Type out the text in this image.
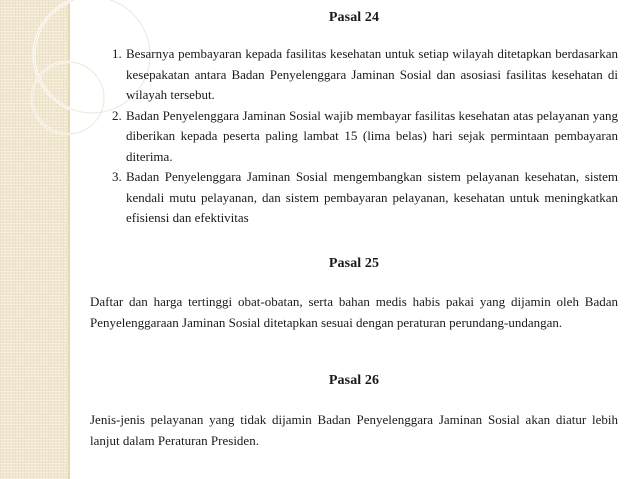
Pasal 24
1. Besarnya pembayaran kepada fasilitas kesehatan untuk setiap wilayah ditetapkan berdasarkan kesepakatan antara Badan Penyelenggara Jaminan Sosial dan asosiasi fasilitas kesehatan di wilayah tersebut.
2. Badan Penyelenggara Jaminan Sosial wajib membayar fasilitas kesehatan atas pelayanan yang diberikan kepada peserta paling lambat 15 (lima belas) hari sejak permintaan pembayaran diterima.
3. Badan Penyelenggara Jaminan Sosial mengembangkan sistem pelayanan kesehatan, sistem kendali mutu pelayanan, dan sistem pembayaran pelayanan, kesehatan untuk meningkatkan efisiensi dan efektivitas
Pasal 25

Daftar dan harga tertinggi obat-obatan, serta bahan medis habis pakai yang dijamin oleh Badan Penyelenggaraan Jaminan Sosial ditetapkan sesuai dengan peraturan perundang-undangan.

Pasal 26

Jenis-jenis pelayanan yang tidak dijamin Badan Penyelenggara Jaminan Sosial akan diatur lebih lanjut dalam Peraturan Presiden.
